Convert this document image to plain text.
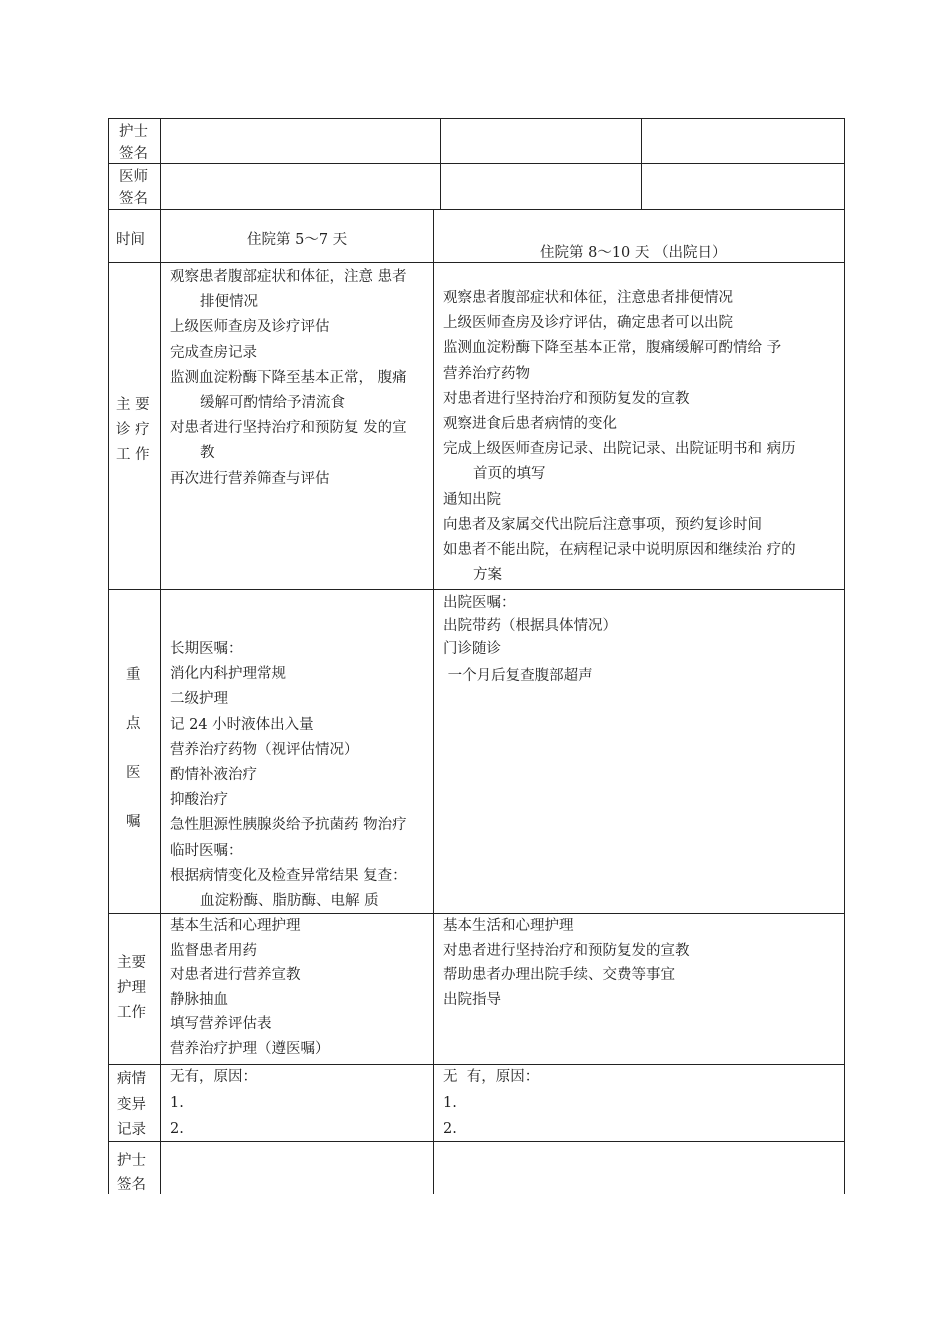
护士
签名
医师
签名
时间	住院第 5〜7 天
住院第 8〜10 天 （出院日）
主 要
诊 疗
工 作
观察患者腹部症状和体征，注意 患者
排便情况
上级医师查房及诊疗评估
完成查房记录
监测血淀粉酶下降至基本正常， 腹痛
缓解可酌情给予清流食
对患者进行坚持治疗和预防复 发的宣
教
再次进行营养筛查与评估
观察患者腹部症状和体征，注意患者排便情况
上级医师查房及诊疗评估，确定患者可以出院
监测血淀粉酶下降至基本正常，腹痛缓解可酌情给 予
营养治疗药物
对患者进行坚持治疗和预防复发的宣教
观察进食后患者病情的变化
完成上级医师查房记录、出院记录、出院证明书和 病历
首页的填写
通知出院
向患者及家属交代出院后注意事项，预约复诊时间
如患者不能出院，在病程记录中说明原因和继续治 疗的
方案
重
点
医
嘱
长期医嘱：
消化内科护理常规
二级护理
记 24 小时液体出入量
营养治疗药物（视评估情况）
酌情补液治疗
抑酸治疗
急性胆源性胰腺炎给予抗菌药 物治疗
临时医嘱：
根据病情变化及检查异常结果 复查：
血淀粉酶、脂肪酶、电解 质
出院医嘱：
出院带药（根据具体情况）
门诊随诊
一个月后复查腹部超声
主要
护理
工作
基本生活和心理护理
监督患者用药
对患者进行营养宣教
静脉抽血
填写营养评估表
营养治疗护理（遵医嘱）
基本生活和心理护理
对患者进行坚持治疗和预防复发的宣教
帮助患者办理出院手续、交费等事宜
出院指导
病情
变异
记录
无有，原因：
1.
2.
无  有，原因：
1.
2.
护士
签名
